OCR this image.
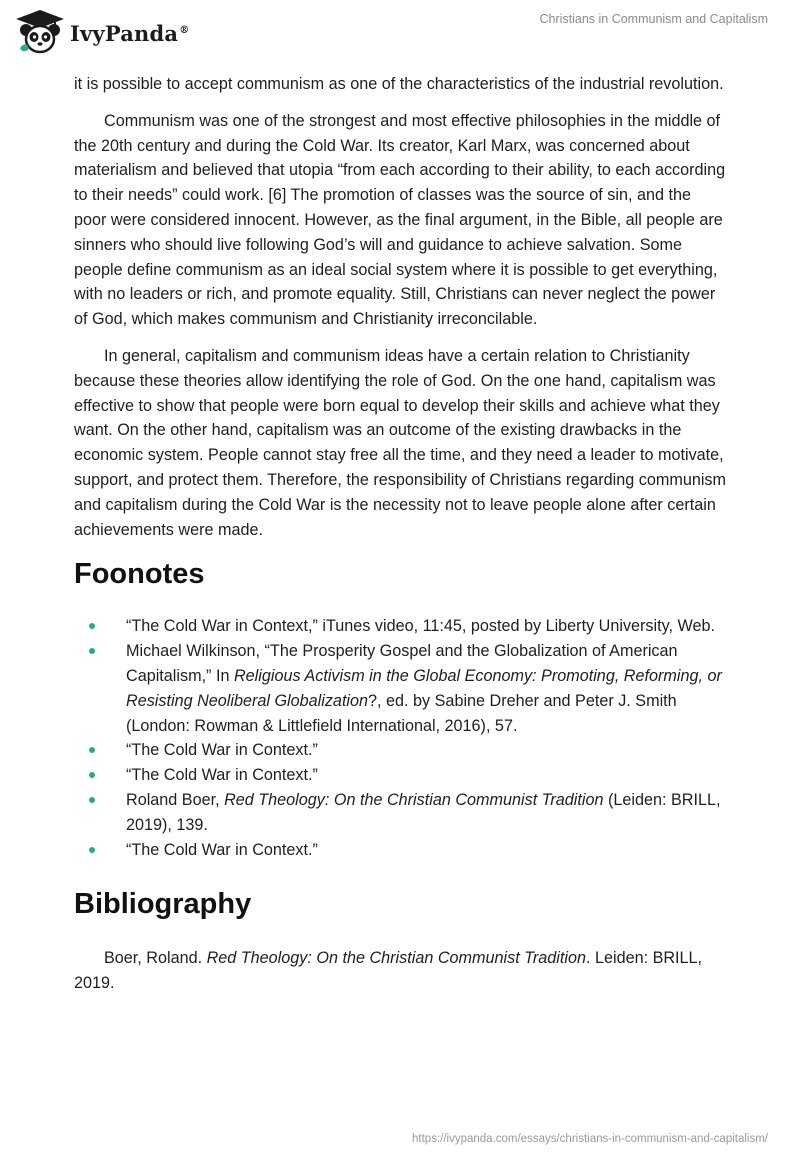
IvyPanda®
Christians in Communism and Capitalism

it is possible to accept communism as one of the characteristics of the industrial revolution.

Communism was one of the strongest and most effective philosophies in the middle of the 20th century and during the Cold War. Its creator, Karl Marx, was concerned about materialism and believed that utopia “from each according to their ability, to each according to their needs” could work. [6] The promotion of classes was the source of sin, and the poor were considered innocent. However, as the final argument, in the Bible, all people are sinners who should live following God’s will and guidance to achieve salvation. Some people define communism as an ideal social system where it is possible to get everything, with no leaders or rich, and promote equality. Still, Christians can never neglect the power of God, which makes communism and Christianity irreconcilable.

In general, capitalism and communism ideas have a certain relation to Christianity because these theories allow identifying the role of God. On the one hand, capitalism was effective to show that people were born equal to develop their skills and achieve what they want. On the other hand, capitalism was an outcome of the existing drawbacks in the economic system. People cannot stay free all the time, and they need a leader to motivate, support, and protect them. Therefore, the responsibility of Christians regarding communism and capitalism during the Cold War is the necessity not to leave people alone after certain achievements were made.

Foonotes
“The Cold War in Context,” iTunes video, 11:45, posted by Liberty University, Web.
Michael Wilkinson, “The Prosperity Gospel and the Globalization of American Capitalism,” In Religious Activism in the Global Economy: Promoting, Reforming, or Resisting Neoliberal Globalization?, ed. by Sabine Dreher and Peter J. Smith (London: Rowman & Littlefield International, 2016), 57.
“The Cold War in Context.”
“The Cold War in Context.”
Roland Boer, Red Theology: On the Christian Communist Tradition (Leiden: BRILL, 2019), 139.
“The Cold War in Context.”
Bibliography

Boer, Roland. Red Theology: On the Christian Communist Tradition. Leiden: BRILL, 2019.

https://ivypanda.com/essays/christians-in-communism-and-capitalism/
